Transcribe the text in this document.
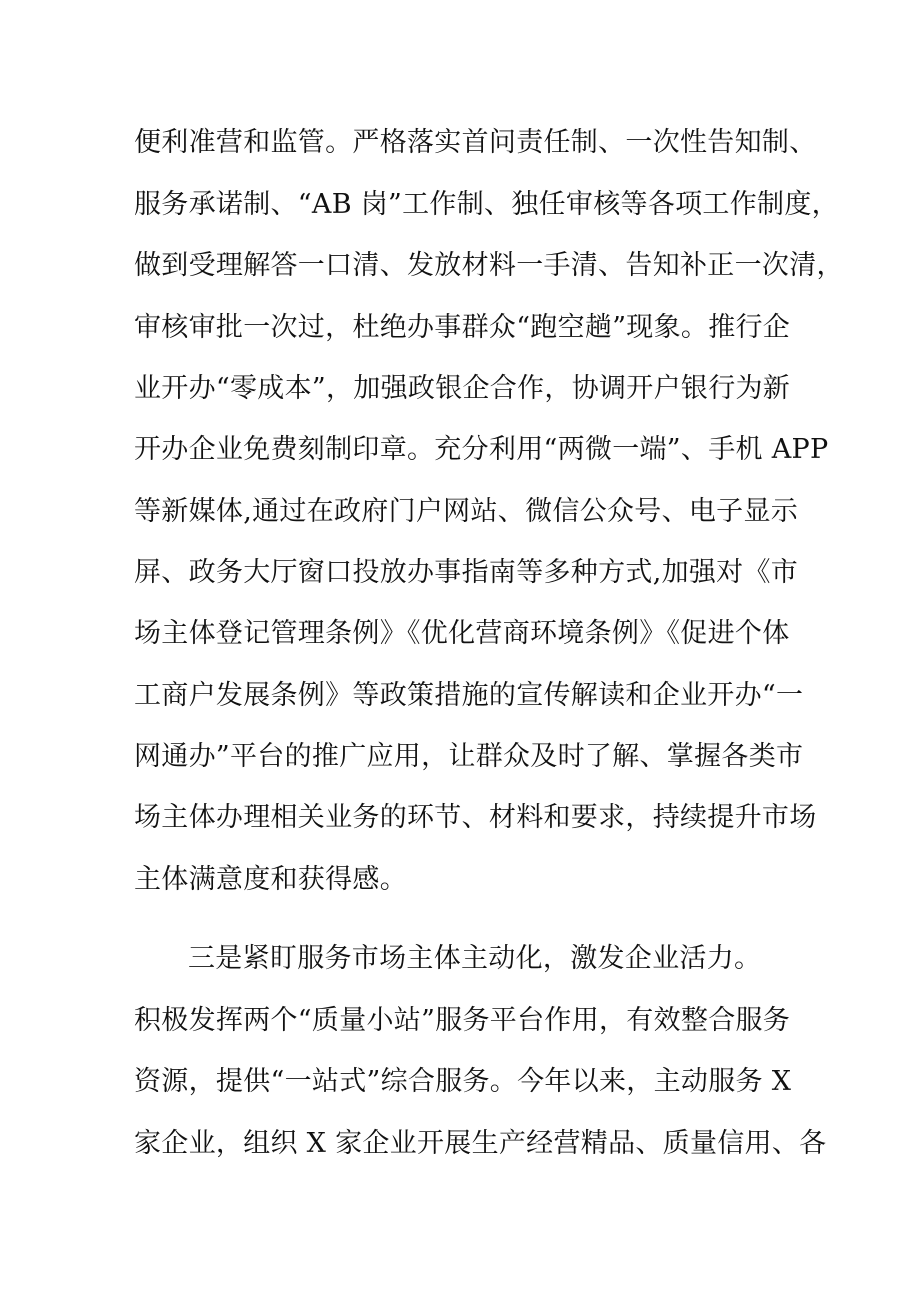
便利准营和监管。严格落实首问责任制、一次性告知制、
服务承诺制、“AB 岗”工作制、独任审核等各项工作制度，
做到受理解答一口清、发放材料一手清、告知补正一次清，
审核审批一次过，杜绝办事群众“跑空趟”现象。推行企
业开办“零成本”，加强政银企合作，协调开户银行为新
开办企业免费刻制印章。充分利用“两微一端”、手机 APP
等新媒体,通过在政府门户网站、微信公众号、电子显示
屏、政务大厅窗口投放办事指南等多种方式,加强对《市
场主体登记管理条例》《优化营商环境条例》《促进个体
工商户发展条例》等政策措施的宣传解读和企业开办“一
网通办”平台的推广应用，让群众及时了解、掌握各类市
场主体办理相关业务的环节、材料和要求，持续提升市场
主体满意度和获得感。
三是紧盯服务市场主体主动化，激发企业活力。
积极发挥两个“质量小站”服务平台作用，有效整合服务
资源，提供“一站式”综合服务。今年以来，主动服务 X
家企业，组织 X 家企业开展生产经营精品、质量信用、各
